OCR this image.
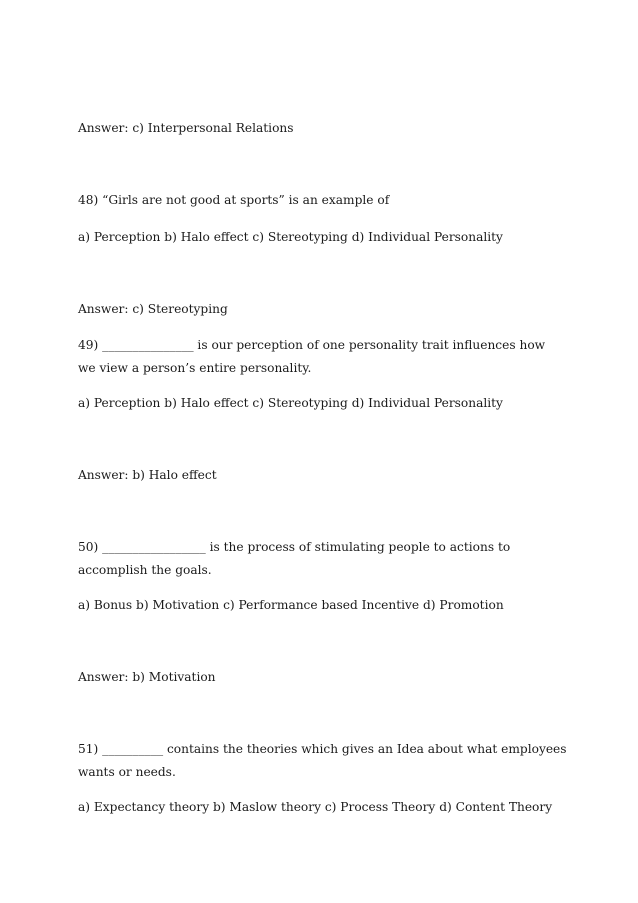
Answer: c) Interpersonal Relations

48) “Girls are not good at sports” is an example of

a) Perception b) Halo effect c) Stereotyping d) Individual Personality

Answer: c) Stereotyping

49) _______________ is our perception of one personality trait influences how

we view a person’s entire personality.

a) Perception b) Halo effect c) Stereotyping d) Individual Personality

Answer: b) Halo effect

50) _________________ is the process of stimulating people to actions to

accomplish the goals.

a) Bonus b) Motivation c) Performance based Incentive d) Promotion

Answer: b) Motivation

51) __________ contains the theories which gives an Idea about what employees

wants or needs.

a) Expectancy theory b) Maslow theory c) Process Theory d) Content Theory
